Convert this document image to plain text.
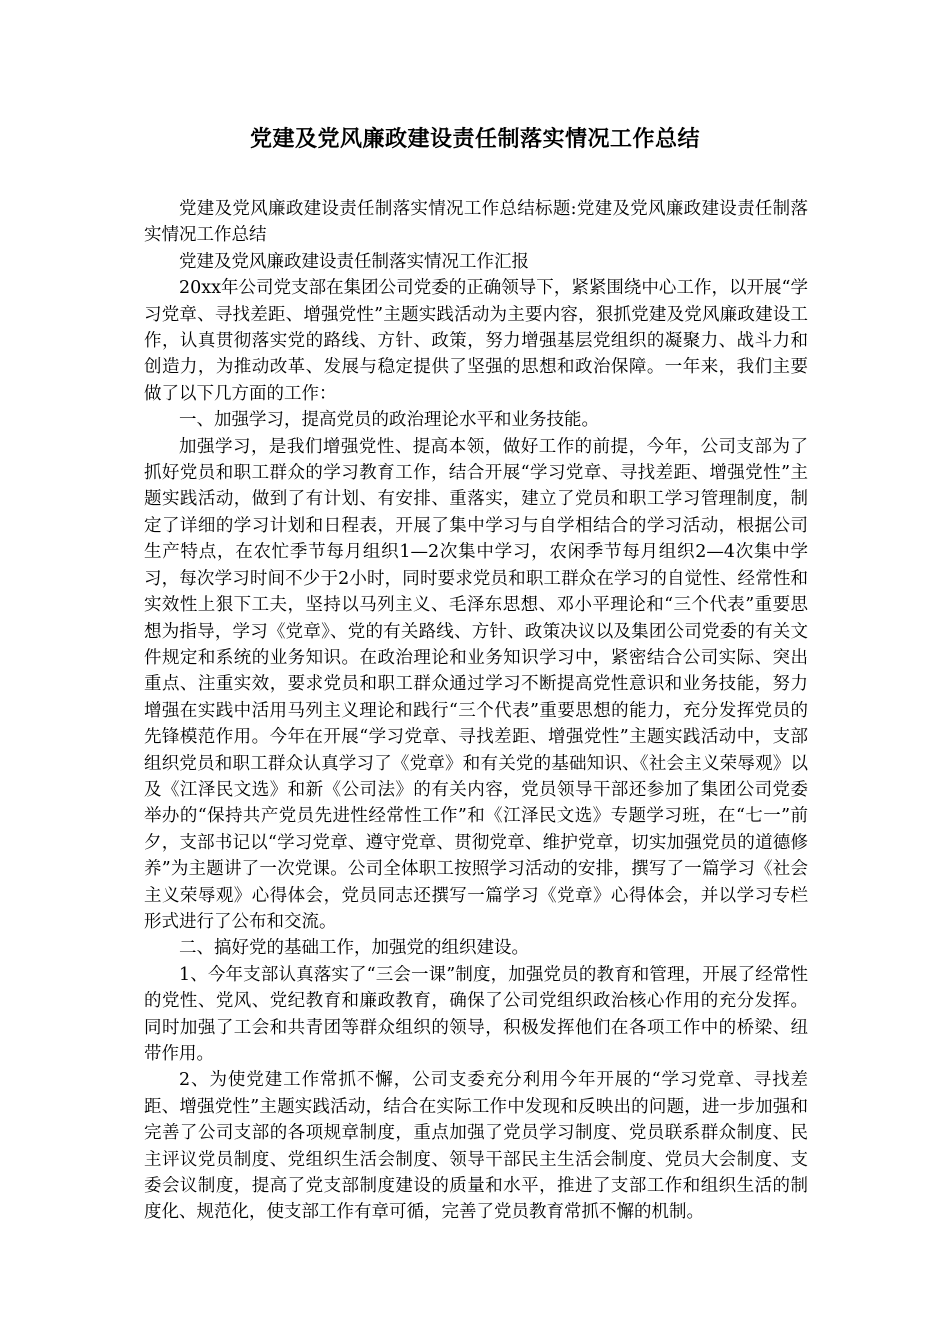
党建及党风廉政建设责任制落实情况工作总结

党建及党风廉政建设责任制落实情况工作总结标题:党建及党风廉政建设责任制落实情况工作总结

党建及党风廉政建设责任制落实情况工作汇报

20xx年公司党支部在集团公司党委的正确领导下，紧紧围绕中心工作，以开展“学习党章、寻找差距、增强党性”主题实践活动为主要内容，狠抓党建及党风廉政建设工作，认真贯彻落实党的路线、方针、政策，努力增强基层党组织的凝聚力、战斗力和创造力，为推动改革、发展与稳定提供了坚强的思想和政治保障。一年来，我们主要做了以下几方面的工作：

一、加强学习，提高党员的政治理论水平和业务技能。

加强学习，是我们增强党性、提高本领，做好工作的前提，今年，公司支部为了抓好党员和职工群众的学习教育工作，结合开展“学习党章、寻找差距、增强党性”主题实践活动，做到了有计划、有安排、重落实，建立了党员和职工学习管理制度，制定了详细的学习计划和日程表，开展了集中学习与自学相结合的学习活动，根据公司生产特点，在农忙季节每月组织1—2次集中学习，农闲季节每月组织2—4次集中学习，每次学习时间不少于2小时，同时要求党员和职工群众在学习的自觉性、经常性和实效性上狠下工夫，坚持以马列主义、毛泽东思想、邓小平理论和“三个代表”重要思想为指导，学习《党章》、党的有关路线、方针、政策决议以及集团公司党委的有关文件规定和系统的业务知识。在政治理论和业务知识学习中，紧密结合公司实际、突出重点、注重实效，要求党员和职工群众通过学习不断提高党性意识和业务技能，努力增强在实践中活用马列主义理论和践行“三个代表”重要思想的能力，充分发挥党员的先锋模范作用。今年在开展“学习党章、寻找差距、增强党性”主题实践活动中，支部组织党员和职工群众认真学习了《党章》和有关党的基础知识、《社会主义荣辱观》以及《江泽民文选》和新《公司法》的有关内容，党员领导干部还参加了集团公司党委举办的“保持共产党员先进性经常性工作”和《江泽民文选》专题学习班，在“七一”前夕，支部书记以“学习党章、遵守党章、贯彻党章、维护党章，切实加强党员的道德修养”为主题讲了一次党课。公司全体职工按照学习活动的安排，撰写了一篇学习《社会主义荣辱观》心得体会，党员同志还撰写一篇学习《党章》心得体会，并以学习专栏形式进行了公布和交流。

二、搞好党的基础工作，加强党的组织建设。

1、今年支部认真落实了“三会一课”制度，加强党员的教育和管理，开展了经常性的党性、党风、党纪教育和廉政教育，确保了公司党组织政治核心作用的充分发挥。同时加强了工会和共青团等群众组织的领导，积极发挥他们在各项工作中的桥梁、纽带作用。

2、为使党建工作常抓不懈，公司支委充分利用今年开展的“学习党章、寻找差距、增强党性”主题实践活动，结合在实际工作中发现和反映出的问题，进一步加强和完善了公司支部的各项规章制度，重点加强了党员学习制度、党员联系群众制度、民主评议党员制度、党组织生活会制度、领导干部民主生活会制度、党员大会制度、支委会议制度，提高了党支部制度建设的质量和水平，推进了支部工作和组织生活的制度化、规范化，使支部工作有章可循，完善了党员教育常抓不懈的机制。
